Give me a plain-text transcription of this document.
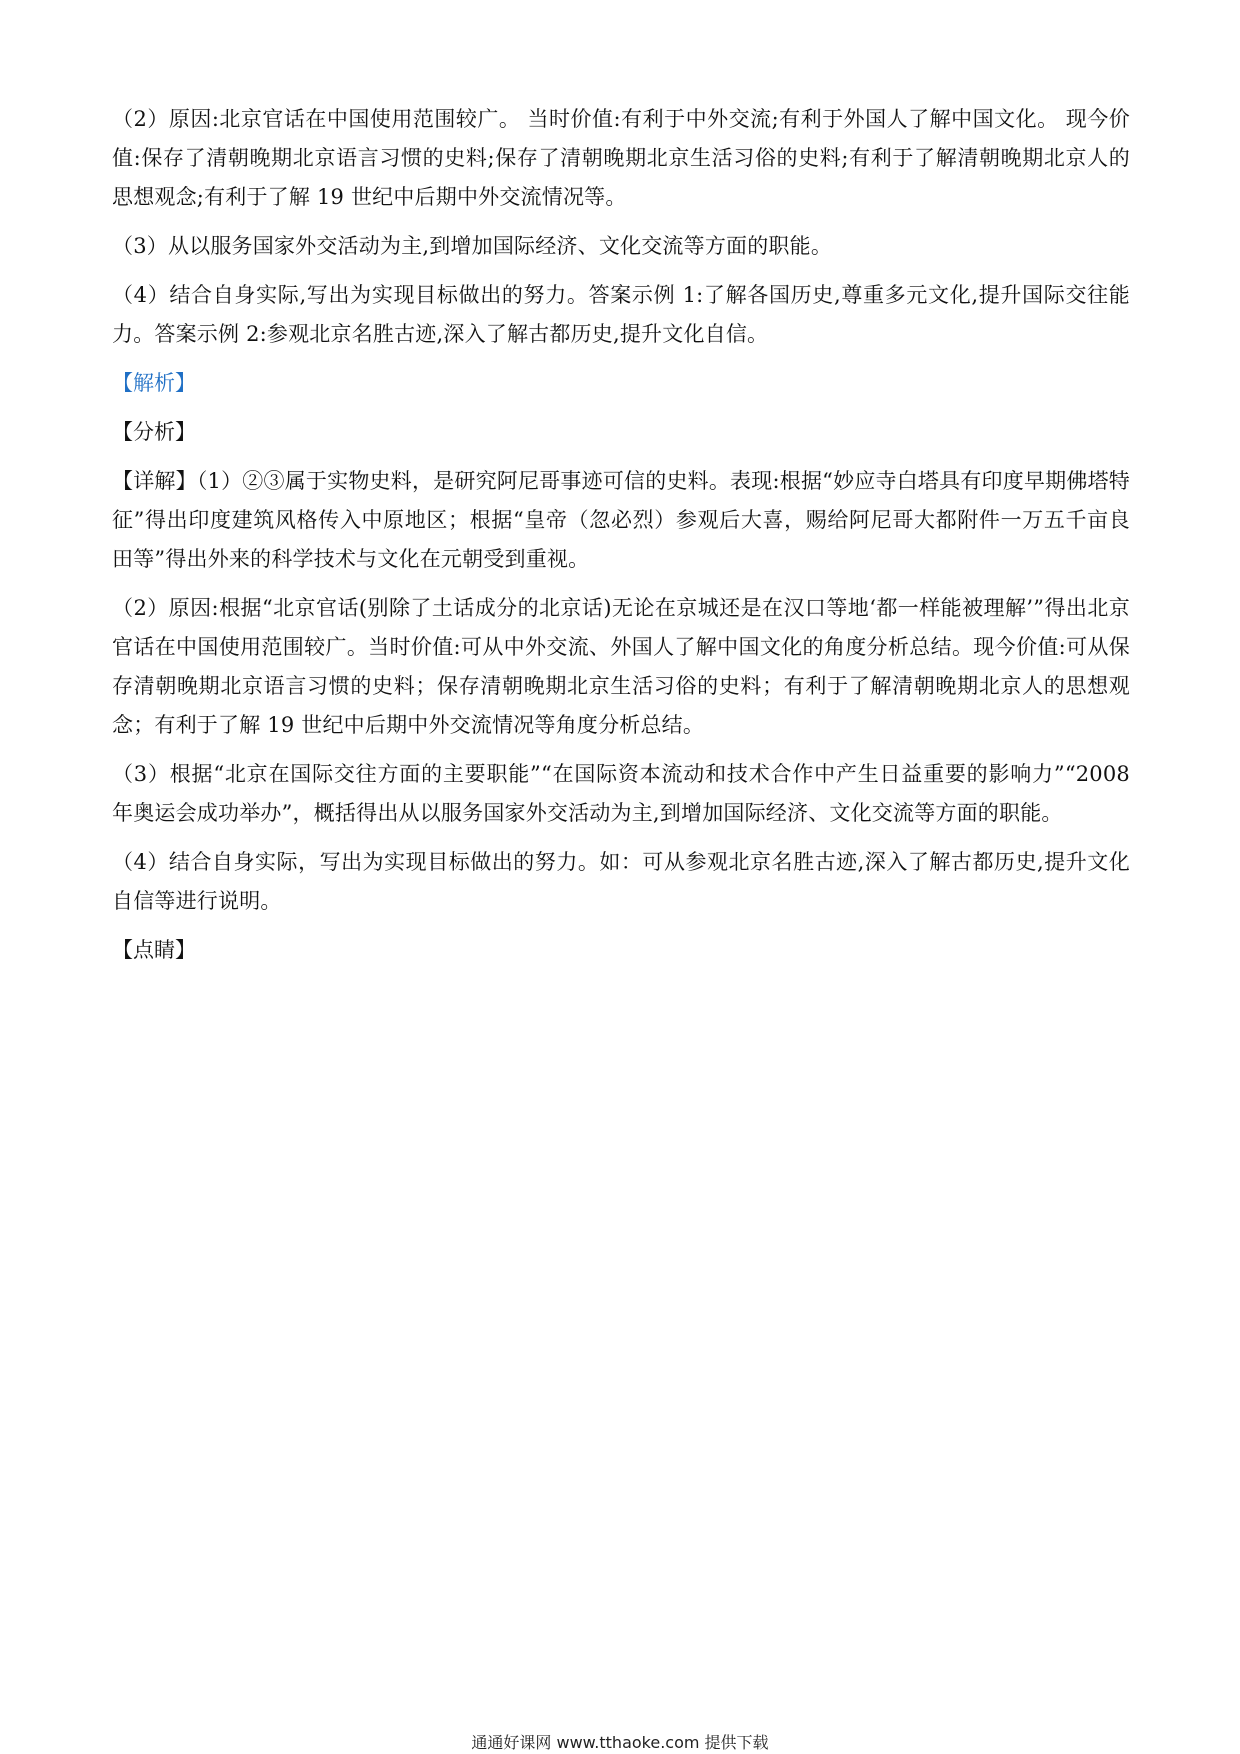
（2）原因:北京官话在中国使用范围较广。 当时价值:有利于中外交流;有利于外国人了解中国文化。 现今价值:保存了清朝晚期北京语言习惯的史料;保存了清朝晚期北京生活习俗的史料;有利于了解清朝晚期北京人的思想观念;有利于了解 19 世纪中后期中外交流情况等。

（3）从以服务国家外交活动为主,到增加国际经济、文化交流等方面的职能。

（4）结合自身实际,写出为实现目标做出的努力。答案示例 1:了解各国历史,尊重多元文化,提升国际交往能力。答案示例 2:参观北京名胜古迹,深入了解古都历史,提升文化自信。

【解析】

【分析】

【详解】（1）②③属于实物史料，是研究阿尼哥事迹可信的史料。表现:根据“妙应寺白塔具有印度早期佛塔特征”得出印度建筑风格传入中原地区；根据“皇帝（忽必烈）参观后大喜，赐给阿尼哥大都附件一万五千亩良田等”得出外来的科学技术与文化在元朝受到重视。

（2）原因:根据“北京官话(别除了土话成分的北京话)无论在京城还是在汉口等地‘都一样能被理解’”得出北京官话在中国使用范围较广。当时价值:可从中外交流、外国人了解中国文化的角度分析总结。现今价值:可从保存清朝晚期北京语言习惯的史料；保存清朝晚期北京生活习俗的史料；有利于了解清朝晚期北京人的思想观念；有利于了解 19 世纪中后期中外交流情况等角度分析总结。

（3）根据“北京在国际交往方面的主要职能”“在国际资本流动和技术合作中产生日益重要的影响力”“2008 年奥运会成功举办”，概括得出从以服务国家外交活动为主,到增加国际经济、文化交流等方面的职能。

（4）结合自身实际，写出为实现目标做出的努力。如：可从参观北京名胜古迹,深入了解古都历史,提升文化自信等进行说明。

【点睛】

通通好课网 www.tthaoke.com 提供下载
